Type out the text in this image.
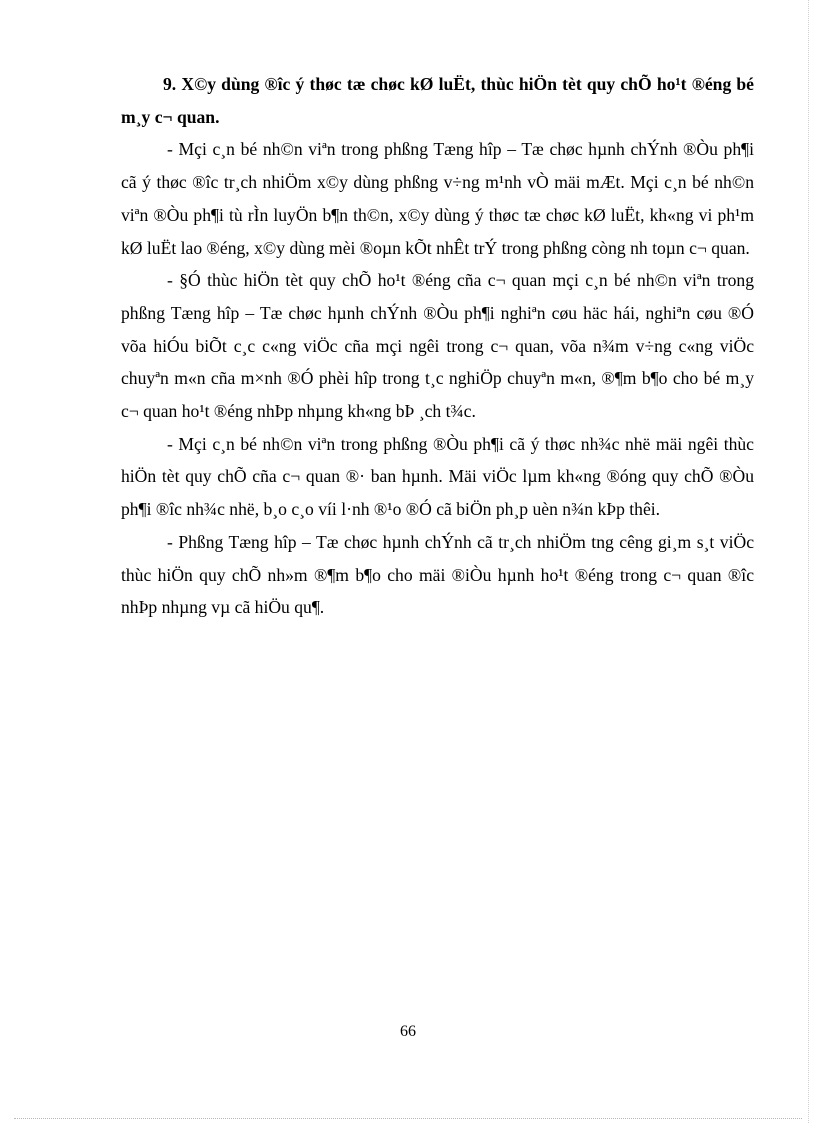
9. X©y dùng ®îc ý thøc tæ chøc kØ luËt, thùc hiÖn tèt quy chÕ ho¹t ®éng bé m¸y c¬ quan.

- Mçi c¸n bé nh©n viªn trong phßng Tæng hîp – Tæ chøc hµnh chÝnh ®Òu ph¶i cã ý thøc ®îc tr¸ch nhiÖm x©y dùng phßng v÷ng m¹nh vÒ mäi mÆt. Mçi c¸n bé nh©n viªn ®Òu ph¶i tù rÌn luyÖn b¶n th©n, x©y dùng ý thøc tæ chøc kØ luËt, kh«ng vi ph¹m kØ luËt lao ®éng, x©y dùng mèi ®oµn kÕt nhÊt trÝ trong phßng còng nh toµn c¬ quan.

- §Ó thùc hiÖn tèt quy chÕ ho¹t ®éng cña c¬ quan mçi c¸n bé nh©n viªn trong phßng Tæng hîp – Tæ chøc hµnh chÝnh ®Òu ph¶i nghiªn cøu häc hái, nghiªn cøu ®Ó võa hiÓu biÕt c¸c c«ng viÖc cña mçi ngêi trong c¬ quan, võa n¾m v÷ng c«ng viÖc chuyªn m«n cña m×nh ®Ó phèi hîp trong t¸c nghiÖp chuyªn m«n, ®¶m b¶o cho bé m¸y c¬ quan ho¹t ®éng nhÞp nhµng kh«ng bÞ ¸ch t¾c.

- Mçi c¸n bé nh©n viªn trong phßng ®Òu ph¶i cã ý thøc nh¾c nhë mäi ngêi thùc hiÖn tèt quy chÕ cña c¬ quan ®· ban hµnh. Mäi viÖc lµm kh«ng ®óng quy chÕ ®Òu ph¶i ®îc nh¾c nhë, b¸o c¸o víi l·nh ®¹o ®Ó cã biÖn ph¸p uèn n¾n kÞp thêi.

- Phßng Tæng hîp – Tæ chøc hµnh chÝnh cã tr¸ch nhiÖm tng cêng gi¸m s¸t viÖc thùc hiÖn quy chÕ nh»m ®¶m b¶o cho mäi ®iÒu hµnh ho¹t ®éng trong c¬ quan ®îc nhÞp nhµng vµ cã hiÖu qu¶.

66
